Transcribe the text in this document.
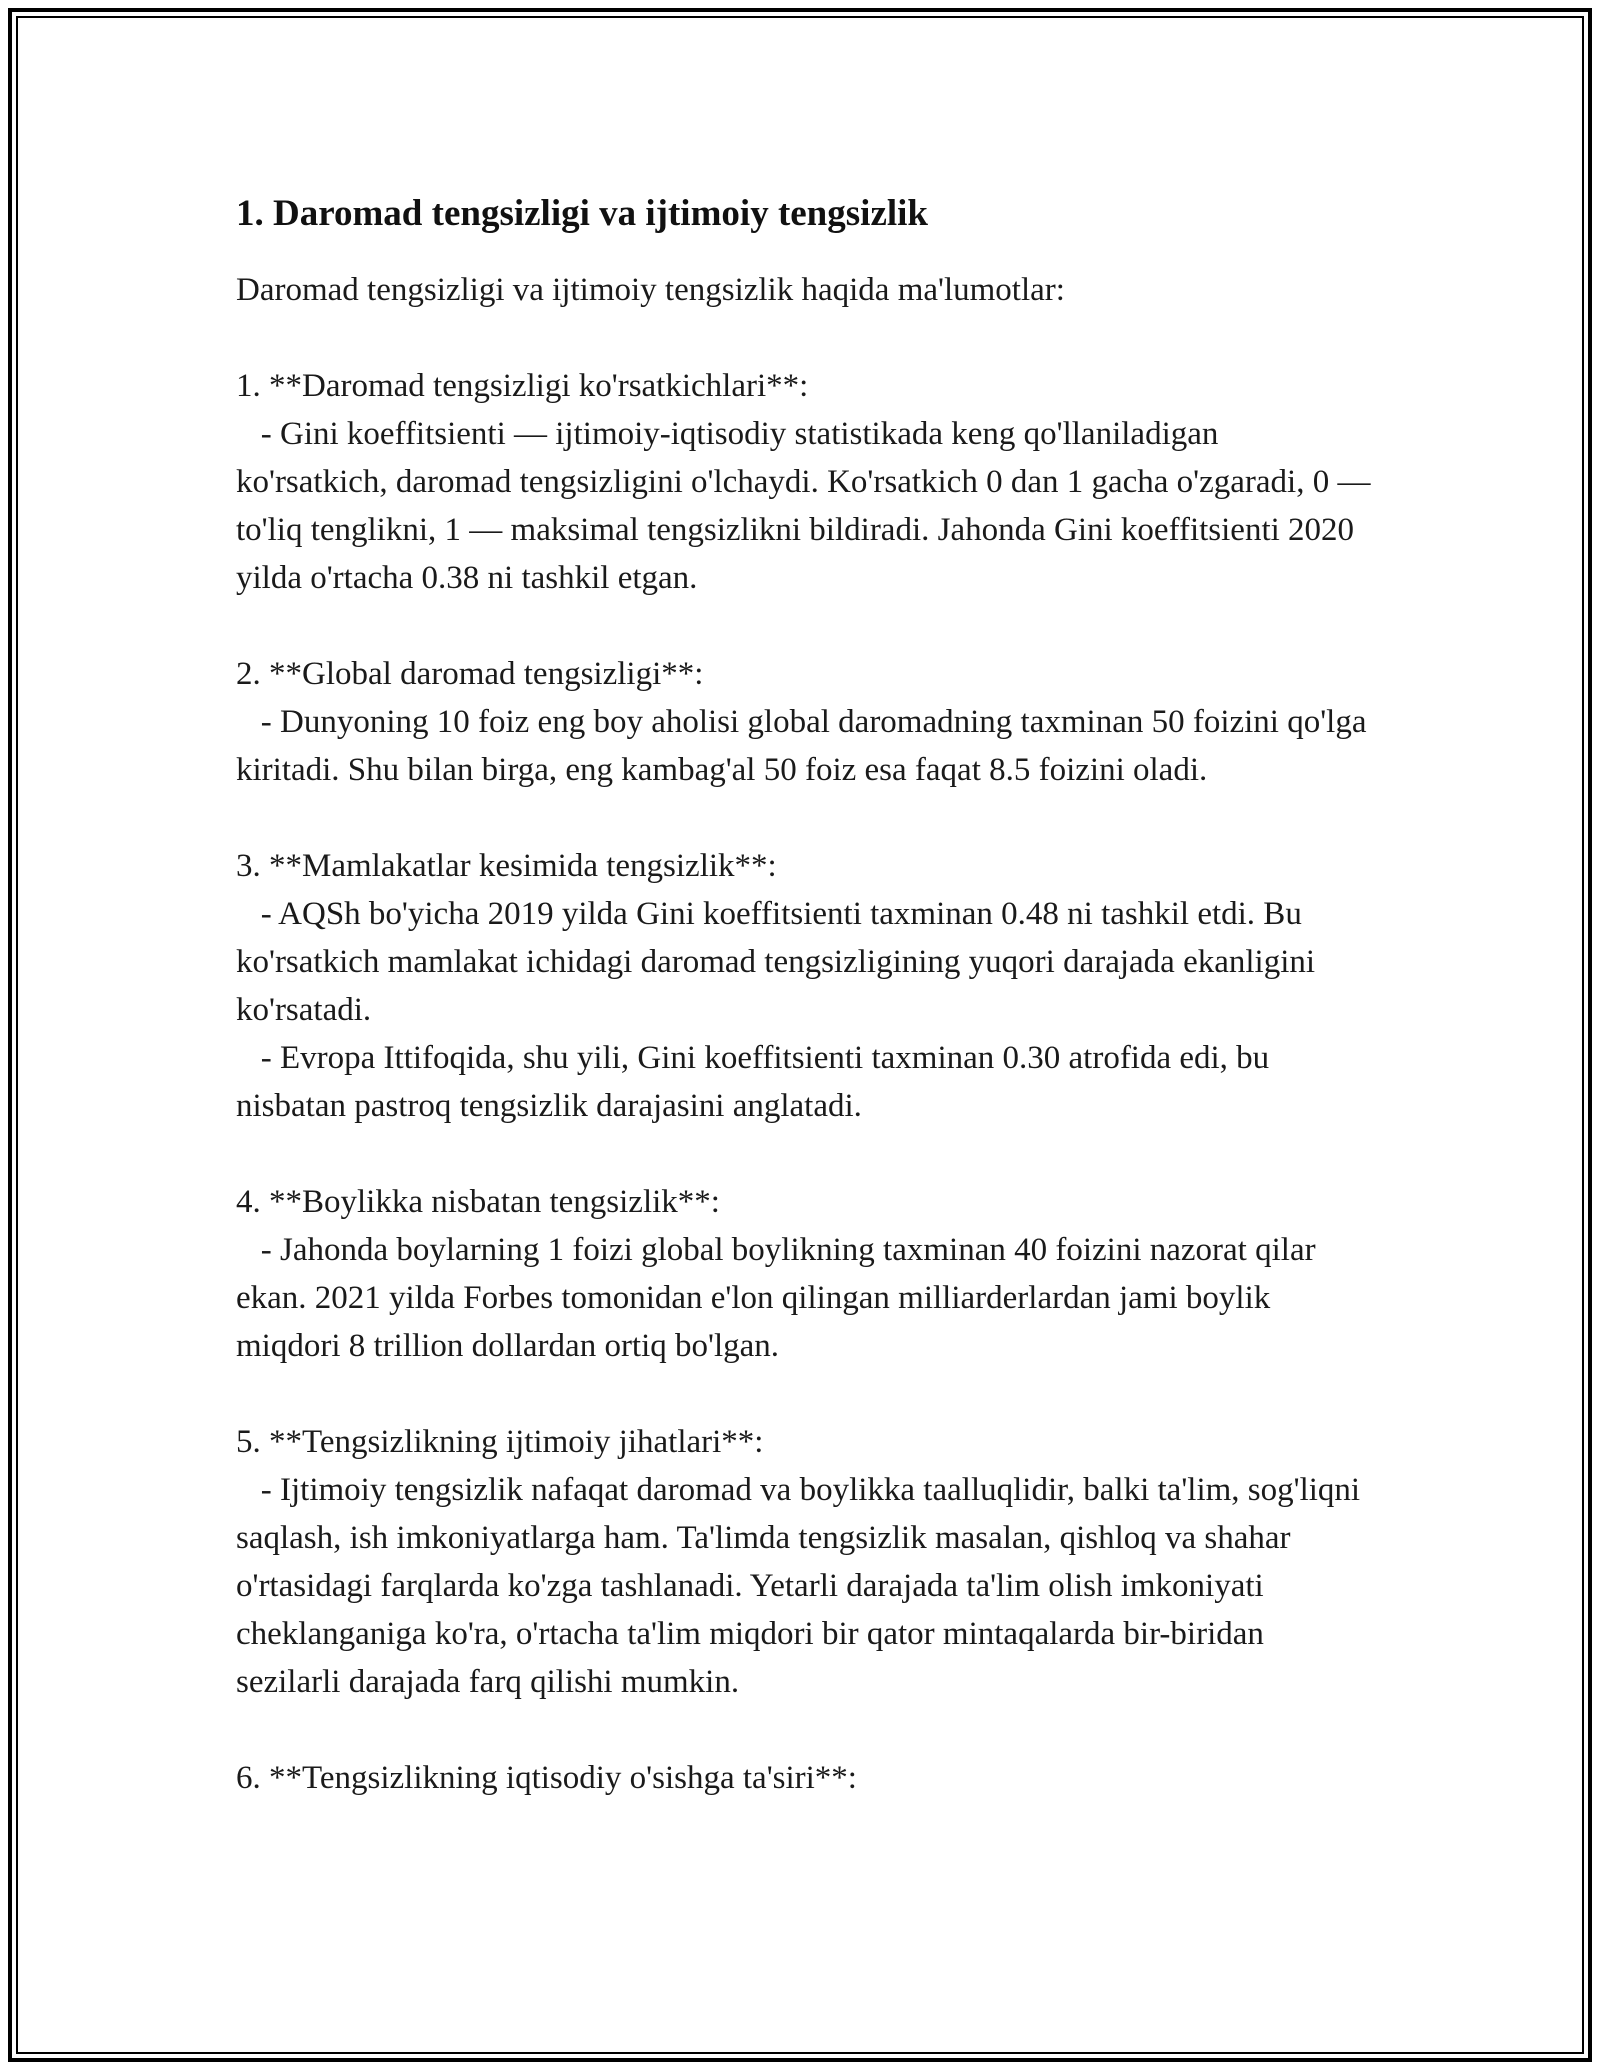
1. Daromad tengsizligi va ijtimoiy tengsizlik

Daromad tengsizligi va ijtimoiy tengsizlik haqida ma'lumotlar:

1. **Daromad tengsizligi ko'rsatkichlari**:

- Gini koeffitsienti — ijtimoiy-iqtisodiy statistikada keng qo'llaniladigan ko'rsatkich, daromad tengsizligini o'lchaydi. Ko'rsatkich 0 dan 1 gacha o'zgaradi, 0 — to'liq tenglikni, 1 — maksimal tengsizlikni bildiradi. Jahonda Gini koeffitsienti 2020 yilda o'rtacha 0.38 ni tashkil etgan.

2. **Global daromad tengsizligi**:

- Dunyoning 10 foiz eng boy aholisi global daromadning taxminan 50 foizini qo'lga kiritadi. Shu bilan birga, eng kambag'al 50 foiz esa faqat 8.5 foizini oladi.

3. **Mamlakatlar kesimida tengsizlik**:

- AQSh bo'yicha 2019 yilda Gini koeffitsienti taxminan 0.48 ni tashkil etdi. Bu ko'rsatkich mamlakat ichidagi daromad tengsizligining yuqori darajada ekanligini ko'rsatadi.

- Evropa Ittifoqida, shu yili, Gini koeffitsienti taxminan 0.30 atrofida edi, bu nisbatan pastroq tengsizlik darajasini anglatadi.

4. **Boylikka nisbatan tengsizlik**:

- Jahonda boylarning 1 foizi global boylikning taxminan 40 foizini nazorat qilar ekan. 2021 yilda Forbes tomonidan e'lon qilingan milliarderlardan jami boylik miqdori 8 trillion dollardan ortiq bo'lgan.

5. **Tengsizlikning ijtimoiy jihatlari**:

- Ijtimoiy tengsizlik nafaqat daromad va boylikka taalluqlidir, balki ta'lim, sog'liqni saqlash, ish imkoniyatlarga ham. Ta'limda tengsizlik masalan, qishloq va shahar o'rtasidagi farqlarda ko'zga tashlanadi. Yetarli darajada ta'lim olish imkoniyati cheklanganiga ko'ra, o'rtacha ta'lim miqdori bir qator mintaqalarda bir-biridan sezilarli darajada farq qilishi mumkin.

6. **Tengsizlikning iqtisodiy o'sishga ta'siri**:
